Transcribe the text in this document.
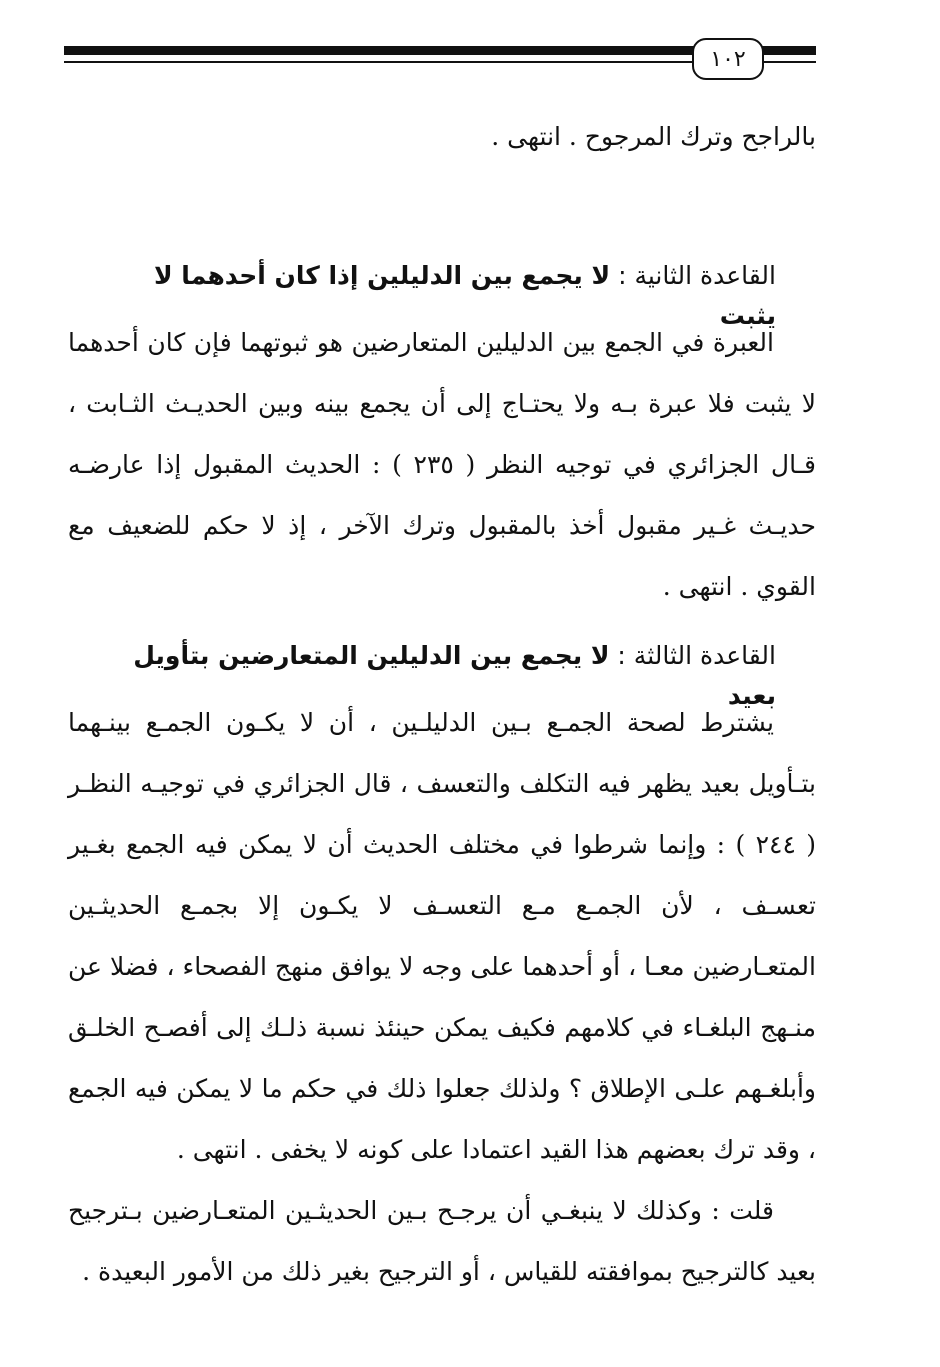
١٠٢

بالراجح وترك المرجوح . انتهى .

القاعدة الثانية : لا يجمع بين الدليلين إذا كان أحدهما لا يثبت

العبرة في الجمع بين الدليلين المتعارضين هو ثبوتهما فإن كان أحدهما لا يثبت فلا عبرة بـه ولا يحتـاج إلى أن يجمع بينه وبين الحديـث الثـابت ، قـال الجزائري في توجيه النظر ( ٢٣٥ ) : الحديث المقبول إذا عارضـه حديـث غـير مقبول أخذ بالمقبول وترك الآخر ، إذ لا حكم للضعيف مع القوي . انتهى .

القاعدة الثالثة : لا يجمع بين الدليلين المتعارضين بتأويل بعيد

يشترط لصحة الجمـع بـين الدليلـين ، أن لا يكـون الجمـع بينـهما بتـأويل بعيد يظهر فيه التكلف والتعسف ، قال الجزائري في توجيـه النظـر ( ٢٤٤ ) : وإنما شرطوا في مختلف الحديث أن لا يمكن فيه الجمع بغـير تعسـف ، لأن الجمـع مـع التعسـف لا يكـون إلا بجمـع الحديثـين المتعـارضين معـا ، أو أحدهما على وجه لا يوافق منهج الفصحاء ، فضلا عن منـهج البلغـاء في كلامهم فكيف يمكن حينئذ نسبة ذلـك إلى أفصـح الخلـق وأبلغـهم علـى الإطلاق ؟ ولذلك جعلوا ذلك في حكم ما لا يمكن فيه الجمع ، وقد ترك بعضهم هذا القيد اعتمادا على كونه لا يخفى . انتهى .

قلت : وكذلك لا ينبغـي أن يرجـح بـين الحديثـين المتعـارضين بـترجيح بعيد كالترجيح بموافقته للقياس ، أو الترجيح بغير ذلك من الأمور البعيدة .
